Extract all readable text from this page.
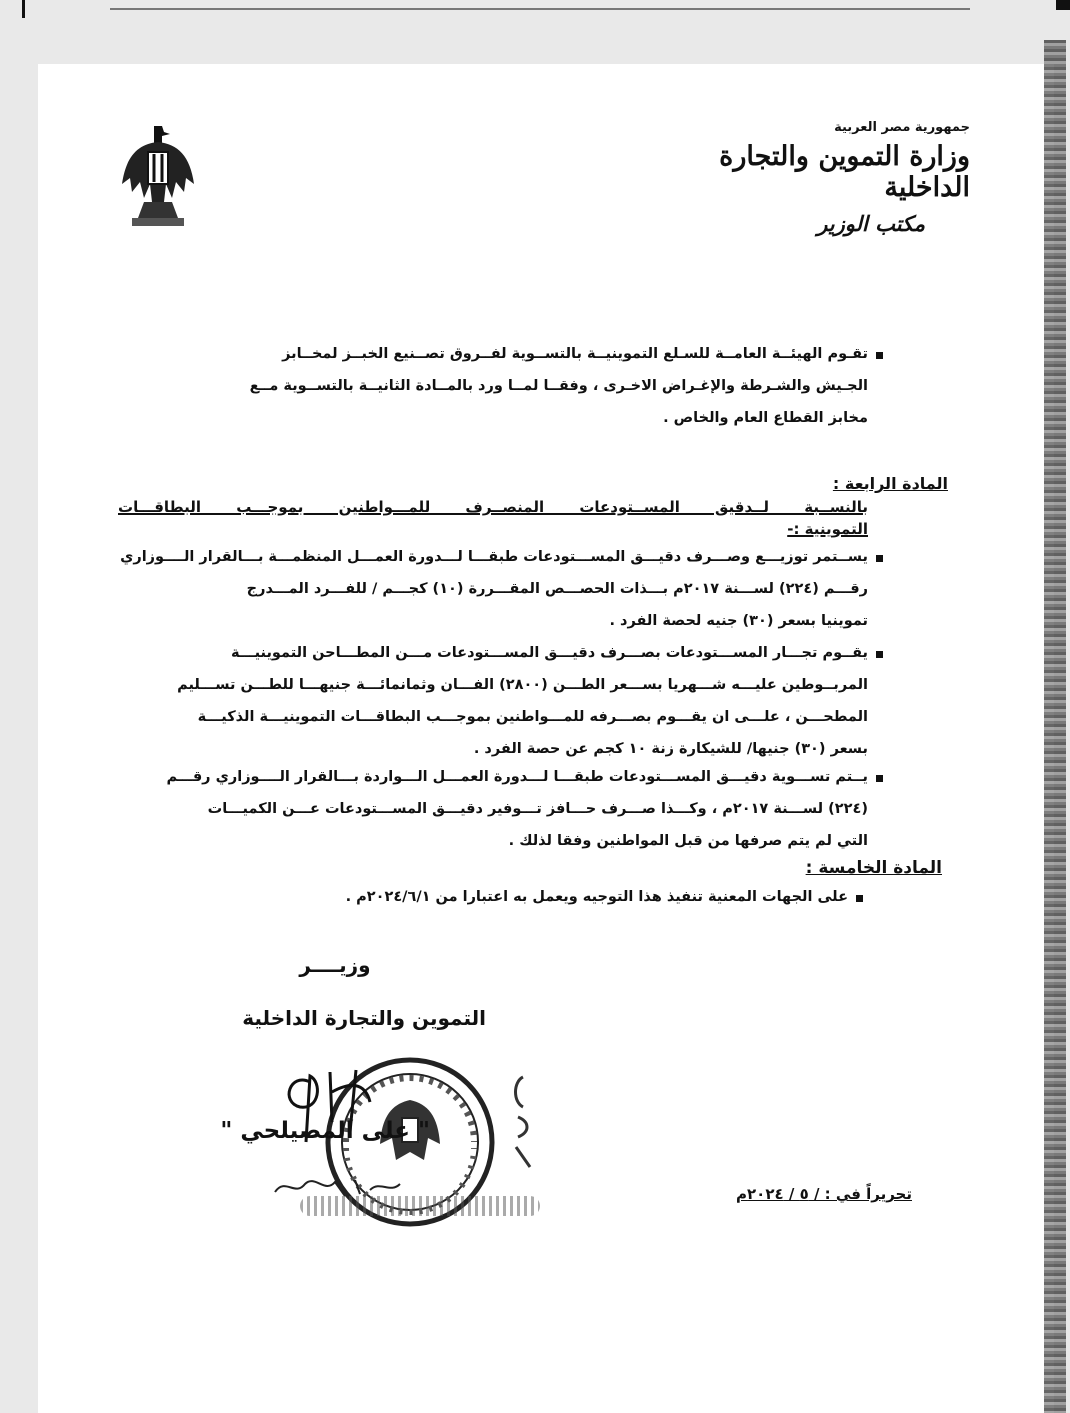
جمهورية مصر العربية
وزارة التموين والتجارة الداخلية
مكتب الوزير
تقـوم الهيئــة العامــة للسـلع التموينيــة بالتســوية لفــروق تصــنيع الخبــز لمخــابز
الجـيش والشـرطة والإغـراض الاخـرى ، وفقــا لمــا ورد بالمــادة الثانيــة بالتســوية مــع
مخابز القطاع العام والخاص .
المادة الرابعة :
بالنســبة لــدقيق المســتودعات المنصــرف للمـــواطنين بموجـــب البطاقـــات
التموينية :-
يســتمر توزيـــع وصـــرف دقيـــق المســـتودعات طبقـــا لـــدورة العمـــل المنظمـــة بـــالقرار الــــوزاري
رقـــم (٢٢٤) لســـنة ٢٠١٧م بـــذات الحصـــص المقـــررة (١٠) كجـــم / للفـــرد المـــدرج
تموينيا بسعر (٣٠) جنيه لحصة الفرد .
يقــوم تجـــار المســـتودعات بصـــرف دقيـــق المســـتودعات مـــن المطـــاحن التموينيـــة
المربــوطين عليـــه شـــهريا بســـعر الطـــن (٢٨٠٠) الفـــان وثمانمائـــة جنيهـــا للطـــن تســـليم
المطحـــن ، علـــى ان يقـــوم بصـــرفه للمـــواطنين بموجـــب البطاقـــات التموينيـــة الذكيـــة
بسعر (٣٠) جنيها/ للشيكارة زنة ١٠ كجم عن حصة الفرد .
يــتم تســـوية دقيـــق المســـتودعات طبقـــا لـــدورة العمـــل الـــواردة بـــالقرار الــــوزاري رقـــم
(٢٢٤) لســـنة ٢٠١٧م ، وكـــذا صـــرف حـــافز تـــوفير دقيـــق المســـتودعات عـــن الكميـــات
التي لم يتم صرفها من قبل المواطنين وفقا لذلك .
المادة الخامسة :
على الجهات المعنية تنفيذ هذا التوجيه ويعمل به اعتبارا من ٢٠٢٤/٦/١م .
وزيــــر
التموين والتجارة الداخلية
" على المصيلحي "
تحريراً في : / ٥ / ٢٠٢٤م
